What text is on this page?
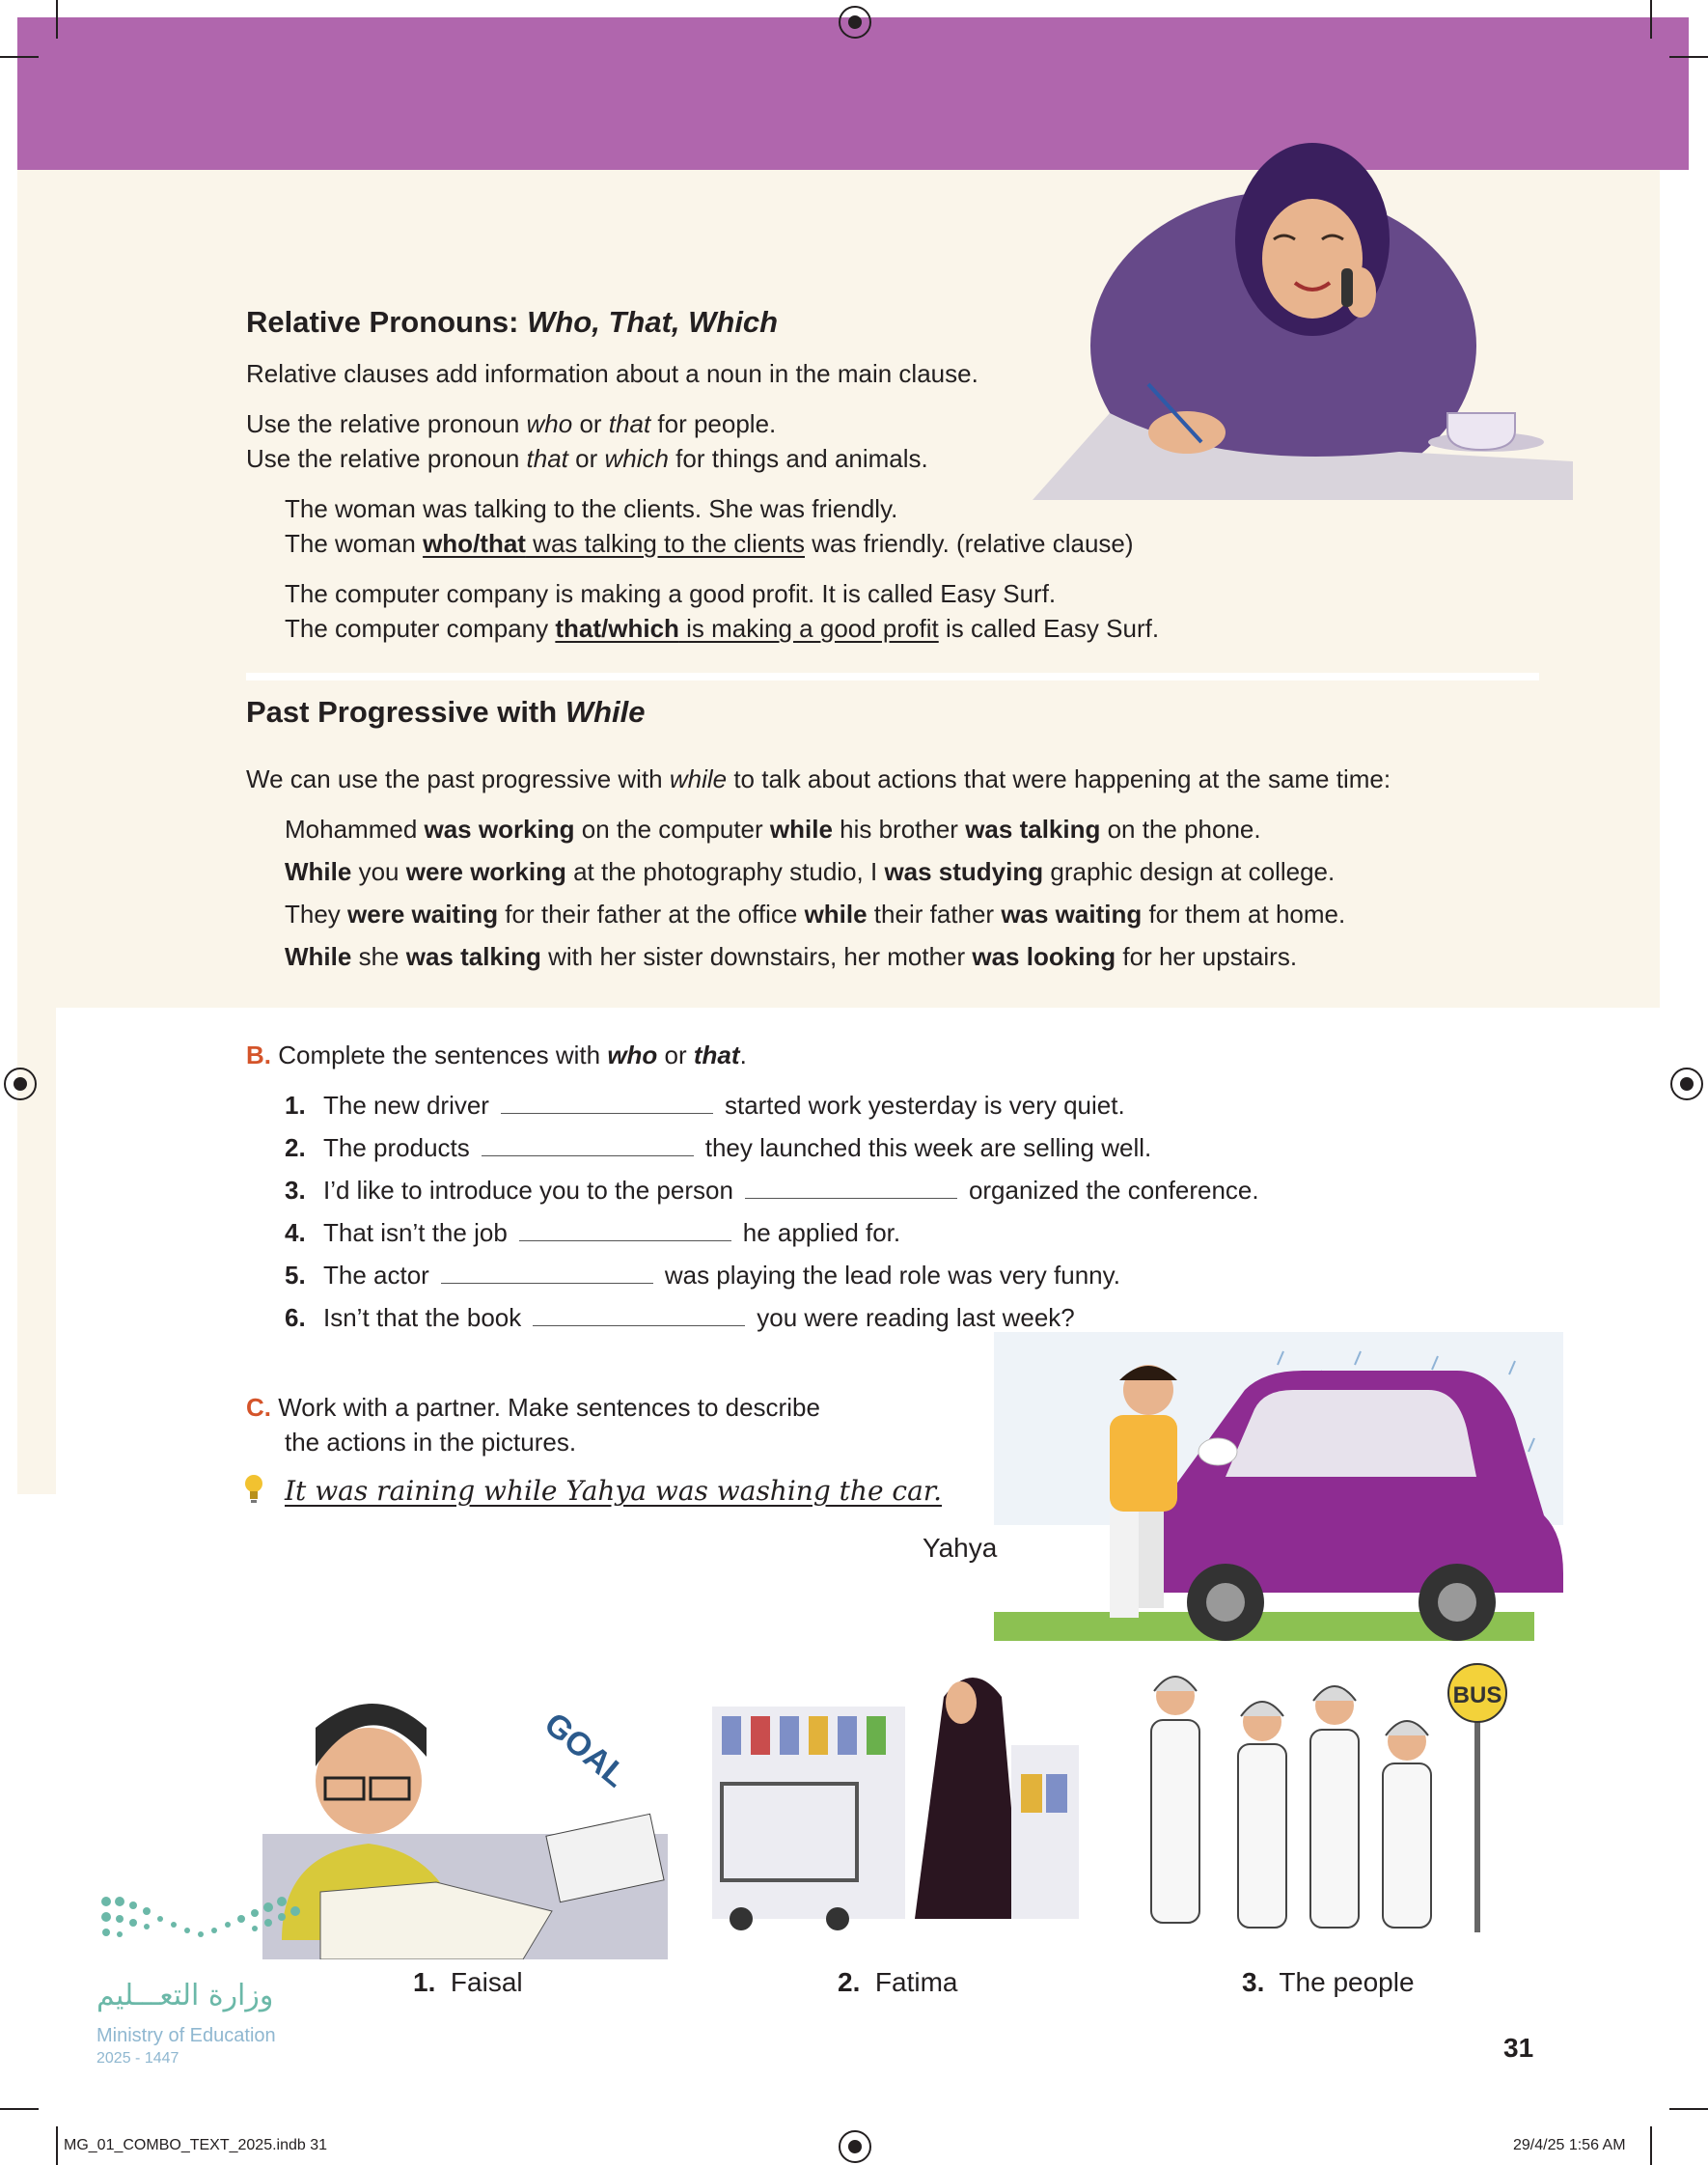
Relative Pronouns: Who, That, Which
Relative clauses add information about a noun in the main clause.
Use the relative pronoun who or that for people.
Use the relative pronoun that or which for things and animals.
The woman was talking to the clients. She was friendly.
The woman who/that was talking to the clients was friendly. (relative clause)
The computer company is making a good profit. It is called Easy Surf.
The computer company that/which is making a good profit is called Easy Surf.
Past Progressive with While
We can use the past progressive with while to talk about actions that were happening at the same time:
Mohammed was working on the computer while his brother was talking on the phone.
While you were working at the photography studio, I was studying graphic design at college.
They were waiting for their father at the office while their father was waiting for them at home.
While she was talking with her sister downstairs, her mother was looking for her upstairs.
B. Complete the sentences with who or that.
1. The new driver	started work yesterday is very quiet.
2. The products	they launched this week are selling well.
3. I’d like to introduce you to the person	organized the conference.
4. That isn’t the job	he applied for.
5. The actor	was playing the lead role was very funny.
6. Isn’t that the book	you were reading last week?
C. Work with a partner. Make sentences to describe
the actions in the pictures.
It was raining while Yahya was washing the car.
Yahya
GOAL
BUS
1. Faisal	2. Fatima	3. The people
وزارة التعـــليم
Ministry of Education
2025 - 1447	31
MG_01_COMBO_TEXT_2025.indb 31	29/4/25 1:56 AM
